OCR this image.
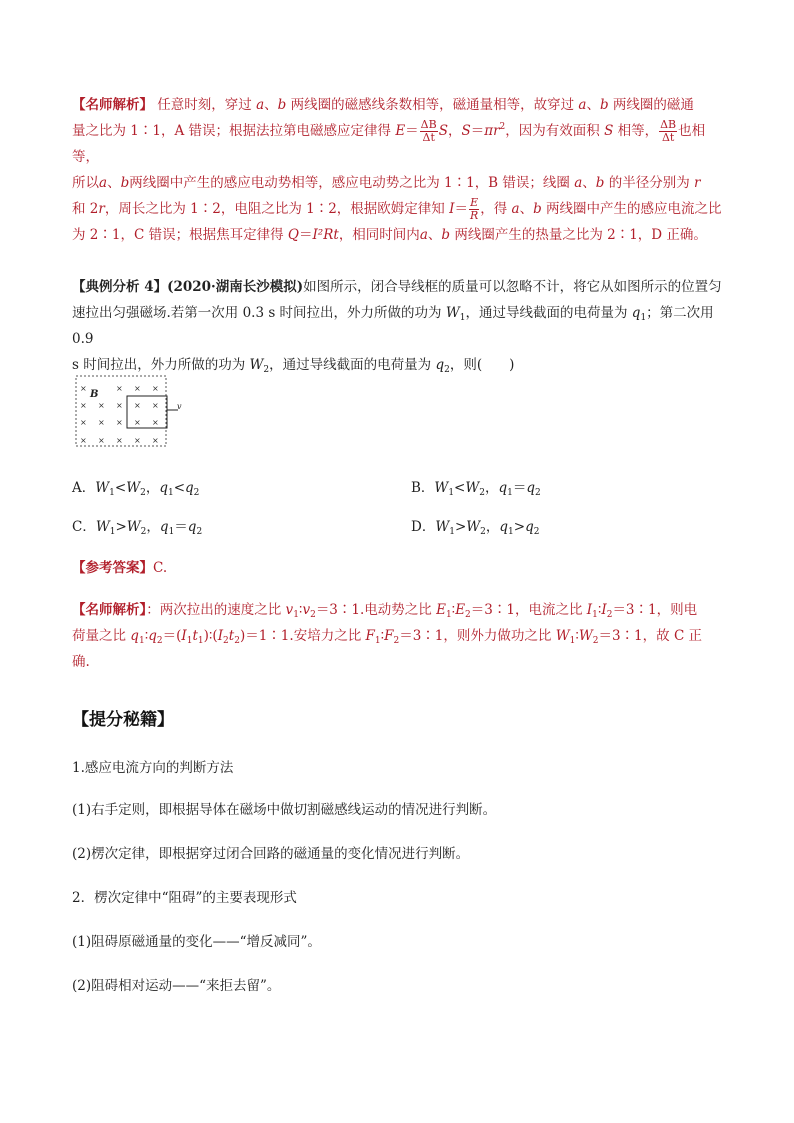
【名师解析】 任意时刻，穿过 a、b 两线圈的磁感线条数相等，磁通量相等，故穿过 a、b 两线圈的磁通
量之比为 1∶1，A 错误；根据法拉第电磁感应定律得 $E= \frac{\Delta B}{\Delta t}$ S，$S=\pi r^2$，因为有效面积 S 相等， $\frac{\Delta B}{\Delta t}$ 也相等，
所以a、b两线圈中产生的感应电动势相等，感应电动势之比为 1∶1，B 错误；线圈 a、b 的半径分别为 r
和 2r，周长之比为 1∶2，电阻之比为 1∶2，根据欧姆定律知 $I= \frac{E}{R}$ ，得 a、b 两线圈中产生的感应电流之比
为 2∶1，C 错误；根据焦耳定律得 Q＝I²Rt，相同时间内a、b 两线圈产生的热量之比为 2∶1，D 正确。
【典例分析 4】(2020·湖南长沙模拟)如图所示，闭合导线框的质量可以忽略不计，将它从如图所示的位置匀
速拉出匀强磁场.若第一次用 0.3 s 时间拉出，外力所做的功为 $W_1$，通过导线截面的电荷量为 $q_1$；第二次用 0.9
s 时间拉出，外力所做的功为 $W_2$，通过导线截面的电荷量为 $q_2$，则(　　)
×	× × ×
× × × × ×
× × × × ×
× × × × ×
B
v
A．$W_1<W_2$，$q_1<q_2$	B．$W_1<W_2$，$q_1=q_2$
C．$W_1>W_2$，$q_1=q_2$	D．$W_1>W_2$，$q_1>q_2$
【参考答案】C.
【名师解析】：两次拉出的速度之比 $v_1∶v_2=3∶1$.电动势之比 $E_1∶E_2=3∶1$，电流之比 $I_1∶I_2=3∶1$，则电
荷量之比 $q_1∶q_2=(I_1t_1)∶(I_2t_2)=1∶1$.安培力之比 $F_1∶F_2=3∶1$，则外力做功之比 $W_1∶W_2=3∶1$，故 C 正
确.
【提分秘籍】
1.感应电流方向的判断方法
(1)右手定则，即根据导体在磁场中做切割磁感线运动的情况进行判断。
(2)楞次定律，即根据穿过闭合回路的磁通量的变化情况进行判断。
2．楞次定律中“阻碍”的主要表现形式
(1)阻碍原磁通量的变化——“增反减同”。
(2)阻碍相对运动——“来拒去留”。
